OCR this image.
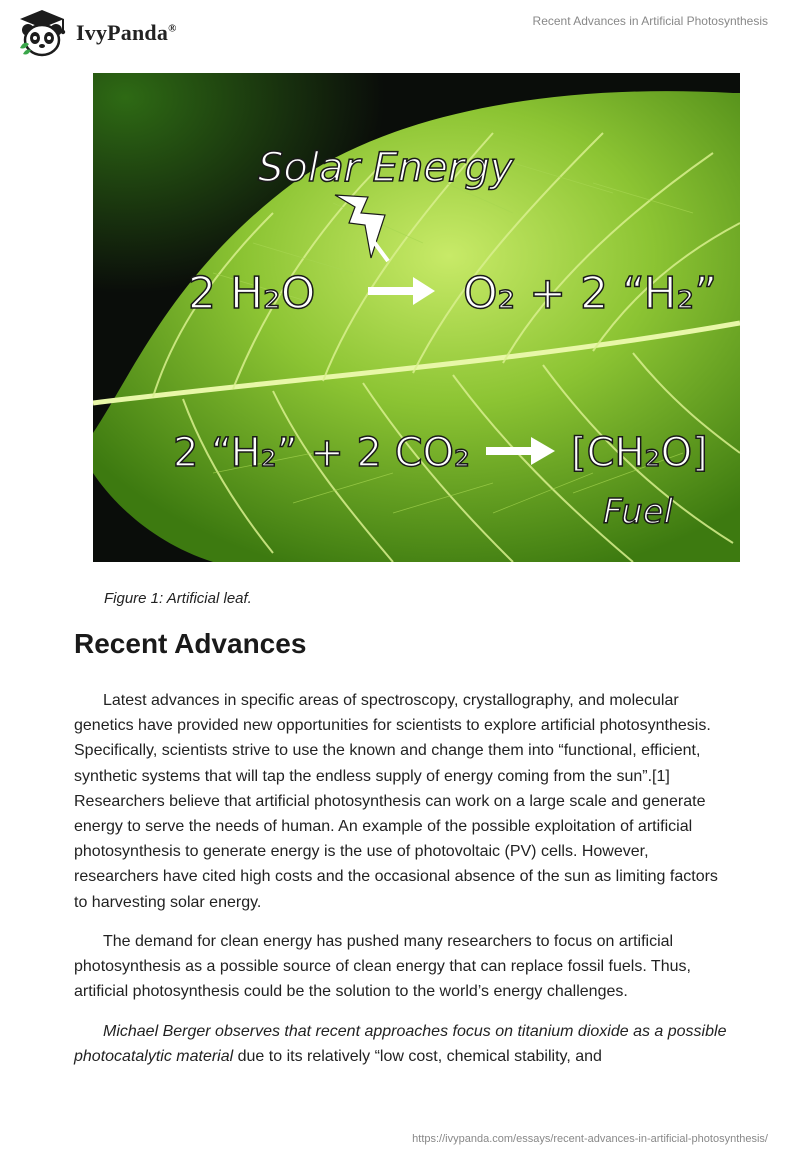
IvyPanda®
Recent Advances in Artificial Photosynthesis
Solar Energy
2 H₂O	O₂ + 2 “H₂”
2 “H₂” + 2 CO₂	[CH₂O]
Fuel
Figure 1: Artificial leaf.
Recent Advances

Latest advances in specific areas of spectroscopy, crystallography, and molecular genetics have provided new opportunities for scientists to explore artificial photosynthesis. Specifically, scientists strive to use the known and change them into “functional, efficient, synthetic systems that will tap the endless supply of energy coming from the sun”.[1] Researchers believe that artificial photosynthesis can work on a large scale and generate energy to serve the needs of human. An example of the possible exploitation of artificial photosynthesis to generate energy is the use of photovoltaic (PV) cells. However, researchers have cited high costs and the occasional absence of the sun as limiting factors to harvesting solar energy.

The demand for clean energy has pushed many researchers to focus on artificial photosynthesis as a possible source of clean energy that can replace fossil fuels. Thus, artificial photosynthesis could be the solution to the world’s energy challenges.

Michael Berger observes that recent approaches focus on titanium dioxide as a possible photocatalytic material due to its relatively “low cost, chemical stability, and

https://ivypanda.com/essays/recent-advances-in-artificial-photosynthesis/
